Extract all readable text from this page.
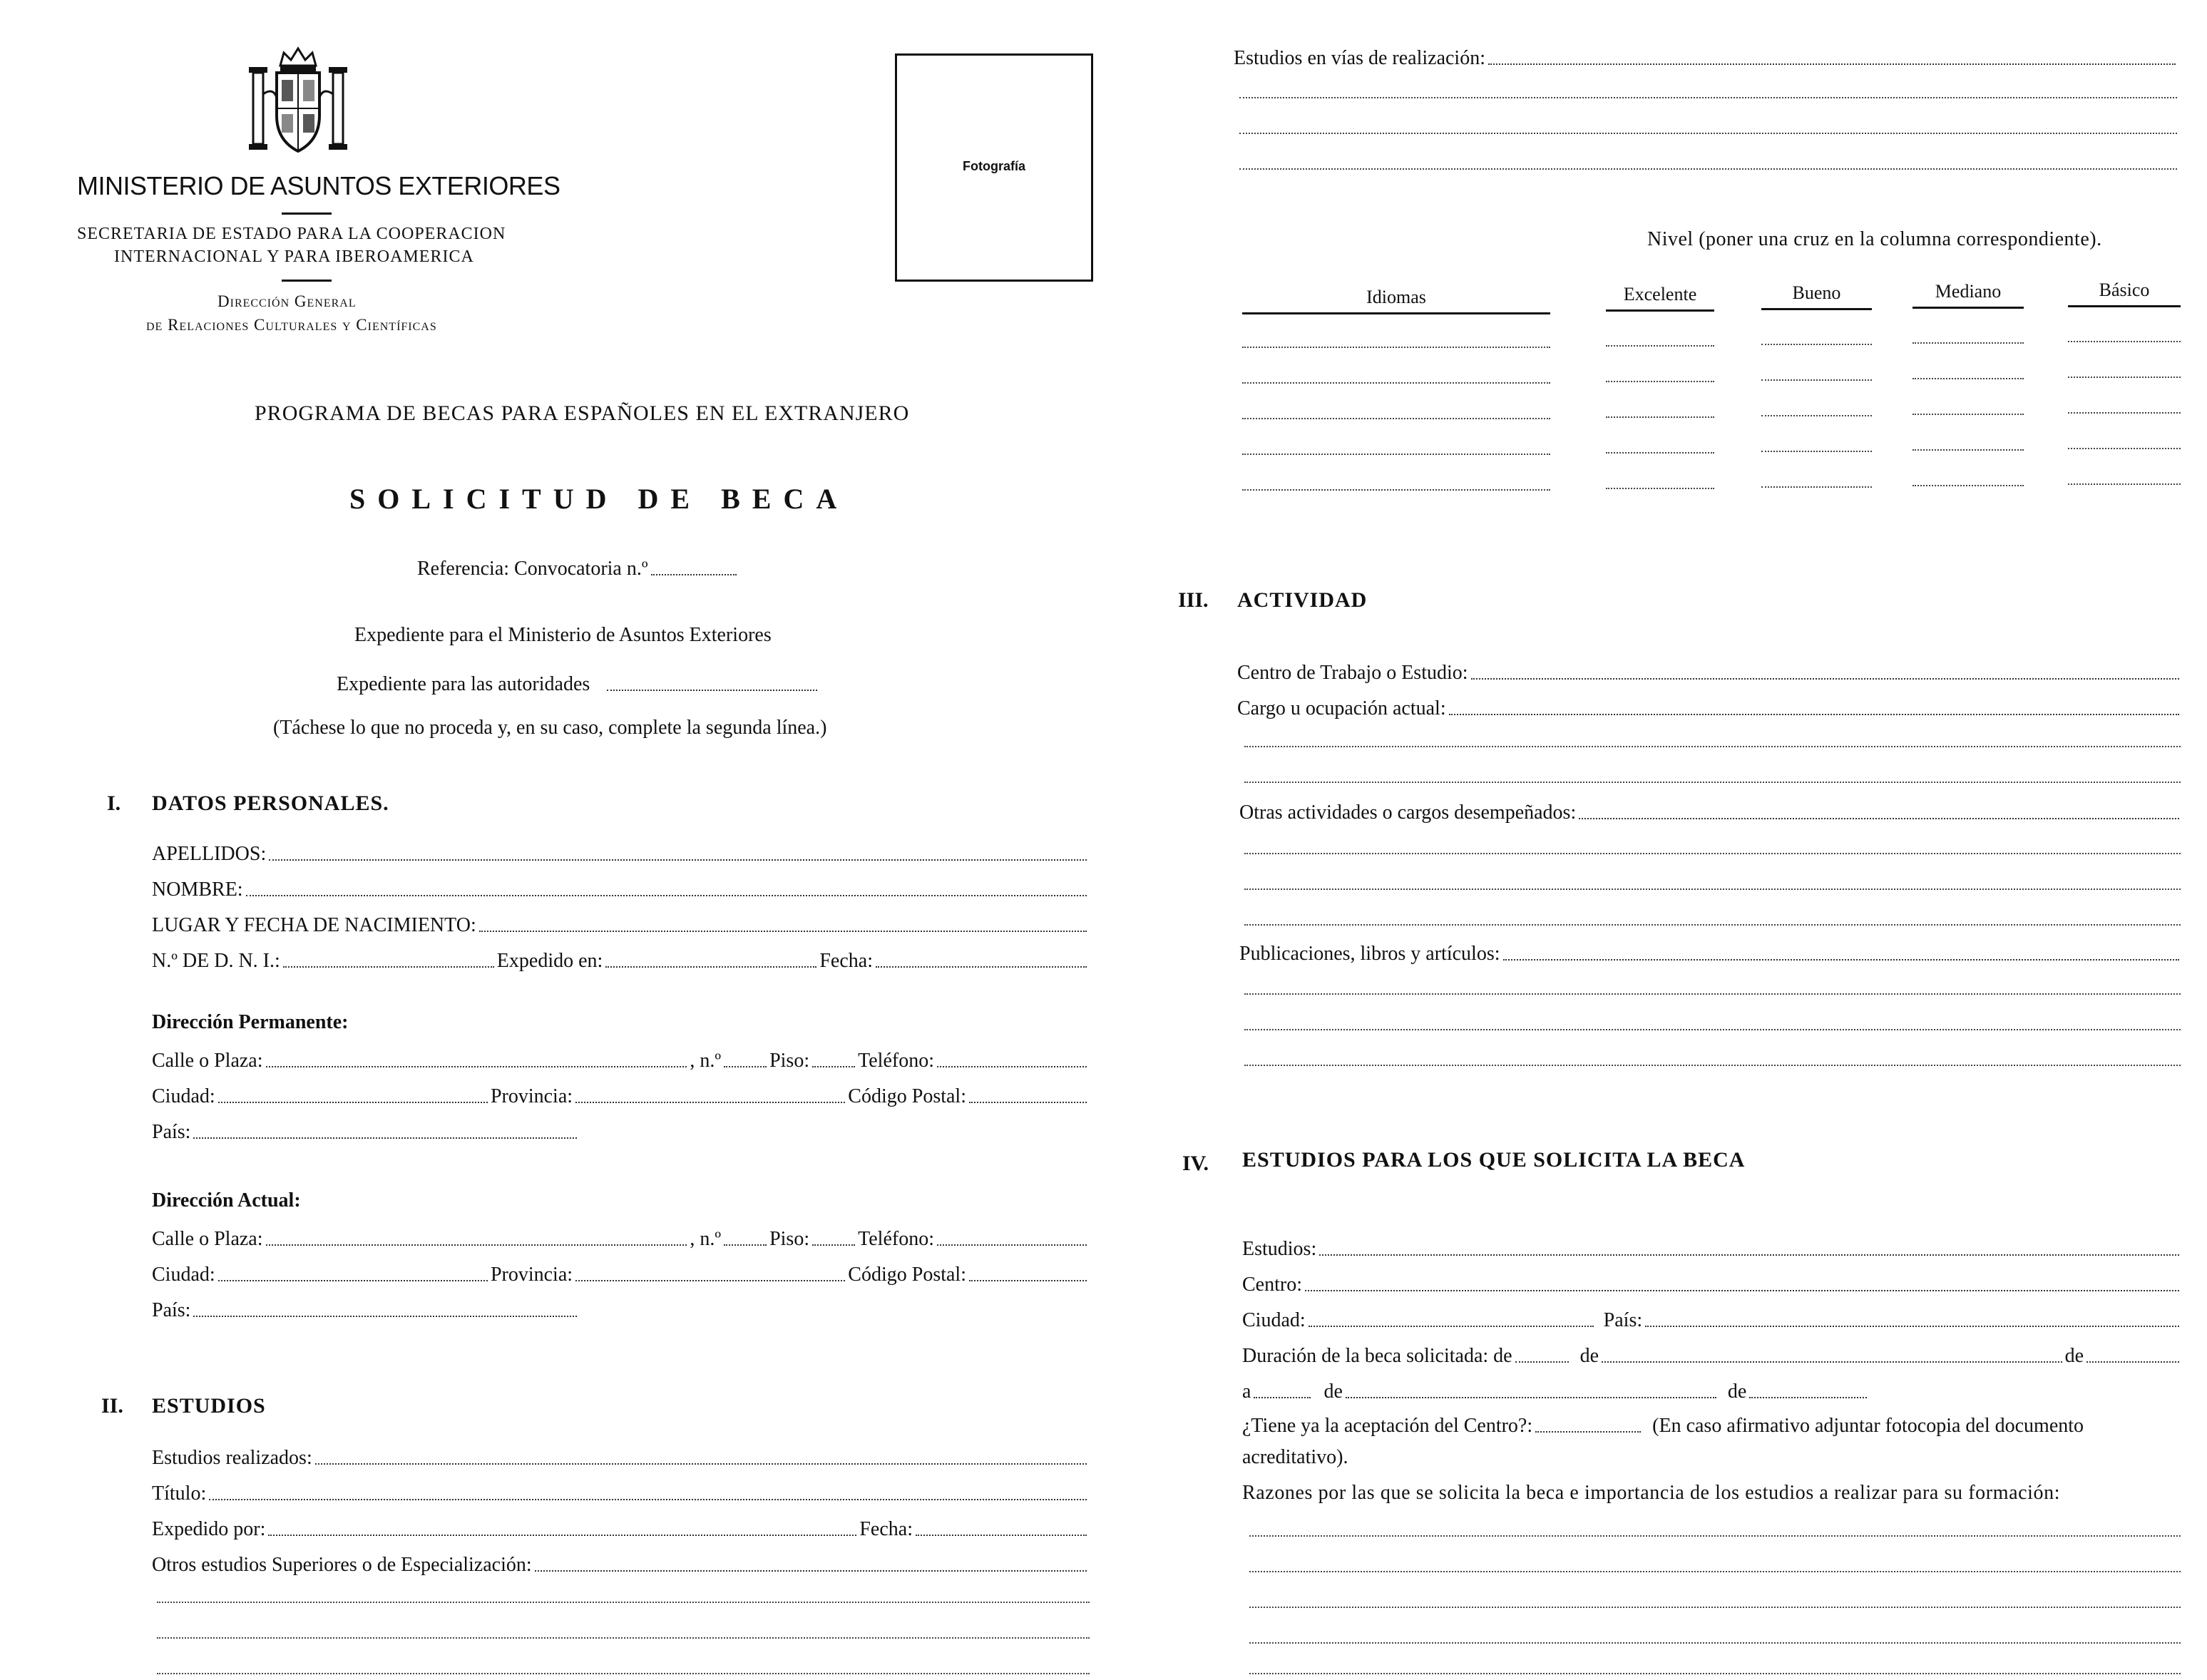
MINISTERIO DE ASUNTOS EXTERIORES
SECRETARIA DE ESTADO PARA LA COOPERACION
INTERNACIONAL Y PARA IBEROAMERICA
Dirección General
de Relaciones Culturales y Científicas
Fotografía
PROGRAMA DE BECAS PARA ESPAÑOLES EN EL EXTRANJERO
SOLICITUD DE BECA
Referencia: Convocatoria n.º
Expediente para el Ministerio de Asuntos Exteriores
Expediente para las autoridades
(Táchese lo que no proceda y, en su caso, complete la segunda línea.)
I. DATOS PERSONALES.
APELLIDOS:
NOMBRE:
LUGAR Y FECHA DE NACIMIENTO:
N.º DE D. N. I.:	Expedido en:	Fecha:
Dirección Permanente:
Calle o Plaza:	, n.º Piso: Teléfono:
Ciudad:	Provincia:	Código Postal:
País:
Dirección Actual:
Calle o Plaza:	, n.º Piso: Teléfono:
Ciudad:	Provincia:	Código Postal:
País:
II. ESTUDIOS
Estudios realizados:
Título:
Expedido por:	Fecha:
Otros estudios Superiores o de Especialización:
Estudios en vías de realización:
Nivel (poner una cruz en la columna correspondiente).
Idiomas	Excelente	Bueno	Mediano	Básico
III. ACTIVIDAD
Centro de Trabajo o Estudio:
Cargo u ocupación actual:
Otras actividades o cargos desempeñados:
Publicaciones, libros y artículos:
IV. ESTUDIOS PARA LOS QUE SOLICITA LA BECA
Estudios:
Centro:
Ciudad:	País:
Duración de la beca solicitada: de	de	de
a	de	de
¿Tiene ya la aceptación del Centro?:	(En caso afirmativo adjuntar fotocopia del documento
acreditativo).
Razones por las que se solicita la beca e importancia de los estudios a realizar para su formación:
